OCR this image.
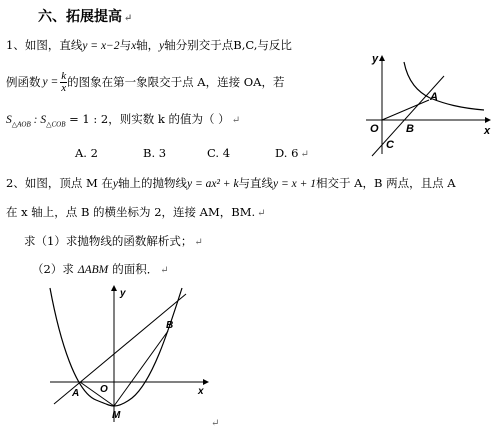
六、拓展提高 ↵
1、如图，直线y = x−2与x轴，y轴分别交于点B,C,与反比
例函数 $y = \frac{k}{x}$ 的图象在第一象限交于点 A，连接 OA，若
$S_{\triangle AOB}$ : $S_{\triangle COB} = 1$ : 2，则实数 k 的值为（ ） ↵
A. 2	B. 3	C. 4	D. 6 ↵
y
A
O B
C
x
2、如图，顶点 M 在y轴上的抛物线y = ax² + k与直线y = x + 1相交于 A，B 两点，且点 A
在 x 轴上，点 B 的横坐标为 2，连接 AM，BM. ↵
求（1）求抛物线的函数解析式； ↵
（2）求 ΔABM 的面积． ↵
y
B
O
A
M
x
↵
